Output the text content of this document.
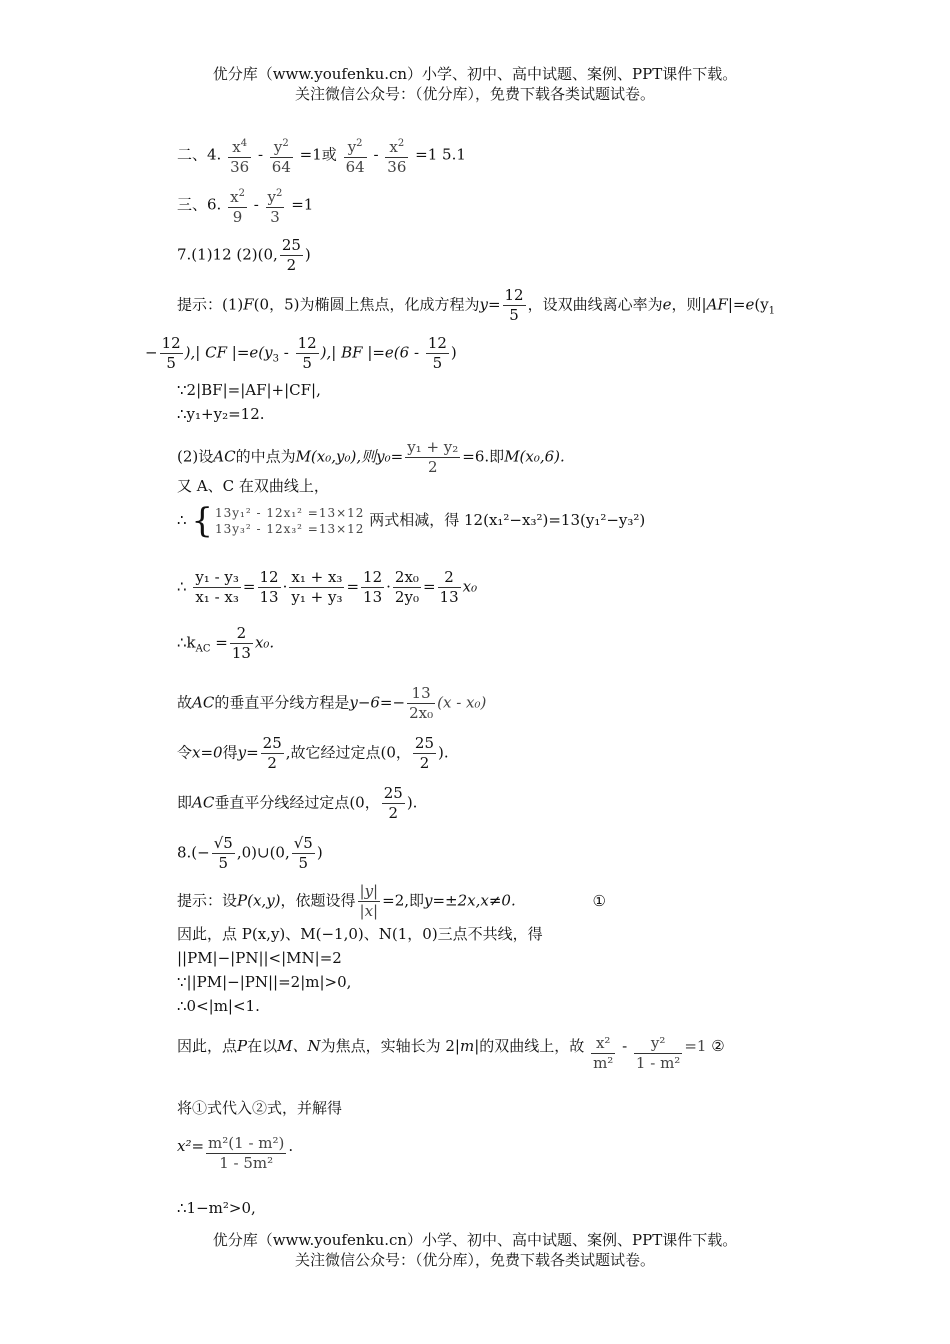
优分库（www.youfenku.cn）小学、初中、高中试题、案例、PPT课件下载。
关注微信公众号：（优分库），免费下载各类试题试卷。
二、4. $\frac{x^4}{36} - \frac{y^2}{64} =1$或 $\frac{y^2}{64} - \frac{x^2}{36} =1$ 5.1
三、6. $\frac{x^2}{9} - \frac{y^2}{3} =1$
7.(1)12 (2)(0, $\frac{25}{2}$ )
提示：(1)F(0，5)为椭圆上焦点，化成方程为$y= \frac{12}{5}$ ，设双曲线离心率为e，则$|AF|=e(y_1$
− $\frac{12}{5}$ ),| CF $|=e(y_3 - \frac{12}{5}$ ),| BF $|=e(6 - \frac{12}{5}$ )
∵2|BF|=|AF|+|CF|,
∴y₁+y₂=12.
(2)设AC的中点为M(x₀,y₀),则$y_0= \frac{\text{y₁ + y₂}}{2} =6$.即M(x₀,6).
又 A、C 在双曲线上，
∴ { 13y₁² - 12x₁² =13×12
13y₃² - 12x₃² =13×12 两式相减，得 12(x₁²−x₃²)=13(y₁²−y₃²)
∴ $\frac{\text{y₁ - y₃}}{\text{x₁ - x₃}} = \frac{12}{13} \cdot \frac{\text{x₁ + x₃}}{\text{y₁ + y₃}} = \frac{12}{13} \cdot \frac{\text{2x₀}}{\text{2y₀}} = \frac{2}{13} x_0$
$\therefore k_{AC} = \frac{2}{13} x_0$.
故AC的垂直平分线方程是$y-6=- \frac{13}{\text{2x₀}} (x - x_0)$
令x=0得$y= \frac{25}{2}$ ,故它经过定点(0， $\frac{25}{2}$ ).
即AC垂直平分线经过定点(0， $\frac{25}{2}$ ).
$8.(- \frac{√5}{5}$ ,0)∪(0, $\frac{√5}{5}$ )
提示：设P(x,y)，依题设得 $\frac{|y|}{|x|} =2$,即y=±2x,x≠0.	①
因此，点 P(x,y)、M(−1,0)、N(1，0)三点不共线，得
||PM|−|PN||<|MN|=2
∵||PM|−|PN||=2|m|>0,
∴0<|m|<1.
因此，点P在以M、N为焦点，实轴长为 2|m|的双曲线上，故 $\frac{\text{x²}}{\text{m²}} - \frac{\text{y²}}{\text{1 - m²}} =1$ ②
将①式代入②式，并解得
$x^2= \frac{\text{m²(1 - m²)}}{\text{1 - 5m²}}$ .
∴1−m²>0,
优分库（www.youfenku.cn）小学、初中、高中试题、案例、PPT课件下载。
关注微信公众号：（优分库），免费下载各类试题试卷。
